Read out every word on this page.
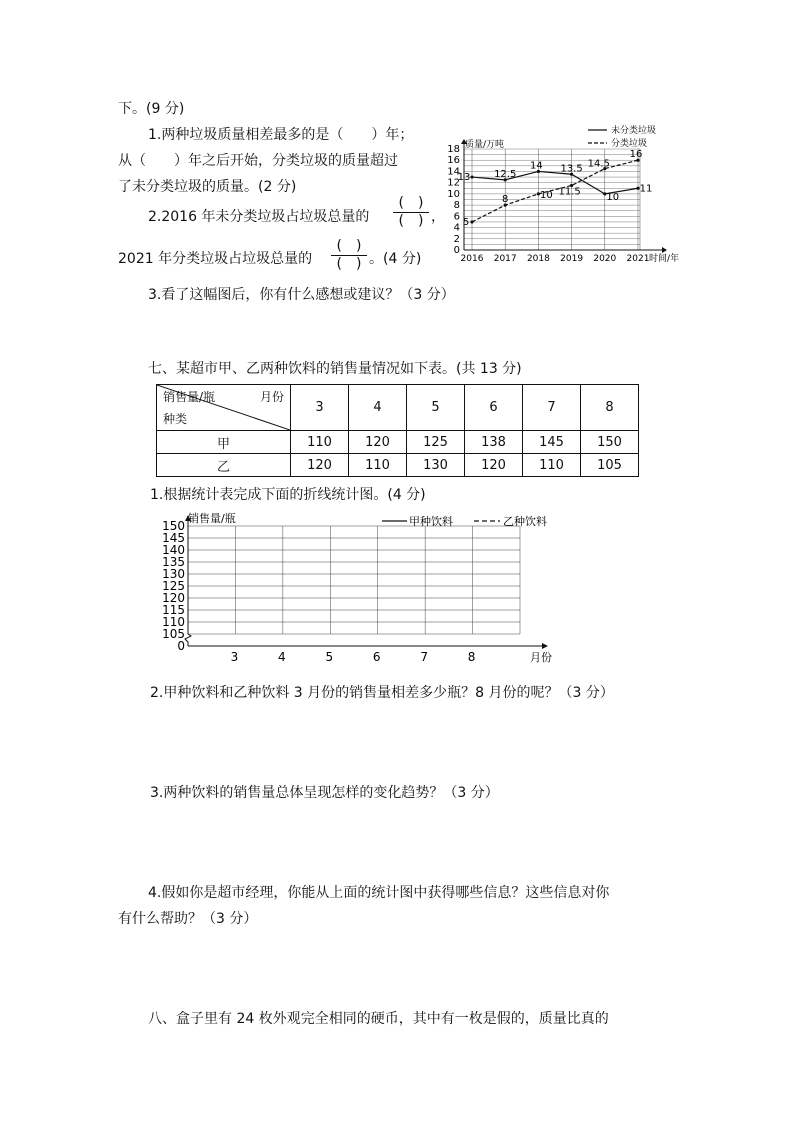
下。(9 分)
1.两种垃圾质量相差最多的是（　　）年；
从（　　）年之后开始，分类垃圾的质量超过
了未分类垃圾的质量。(2 分)
2.2016 年未分类垃圾占垃圾总量的
(　)
(　) ，
2021 年分类垃圾占垃圾总量的
(　)
(　) 。(4 分)
3.看了这幅图后，你有什么感想或建议？（3 分）
0
2
4
6
8
10
12
14
16
18
2016 2017 2018 2019 2020 2021
13 12.5
14 13.5
10
11
5
8	10 11.5
14.5
16
质量/万吨
时间/年
未分类垃圾
分类垃圾
七、某超市甲、乙两种饮料的销售量情况如下表。(共 13 分)
销售量/瓶 月份
种类	3	4	5	6	7	8
甲	110	120	125	138	145	150
乙	120	110	130	120	110	105
1.根据统计表完成下面的折线统计图。(4 分)
0
105
110
115
120
125
130
135
140
145
150
3	4	5	6	7	8
销售量/瓶
月份
甲种饮料	乙种饮料
2.甲种饮料和乙种饮料 3 月份的销售量相差多少瓶？8 月份的呢？（3 分）
3.两种饮料的销售量总体呈现怎样的变化趋势？（3 分）
4.假如你是超市经理，你能从上面的统计图中获得哪些信息？这些信息对你
有什么帮助？（3 分）
八、盒子里有 24 枚外观完全相同的硬币，其中有一枚是假的，质量比真的
